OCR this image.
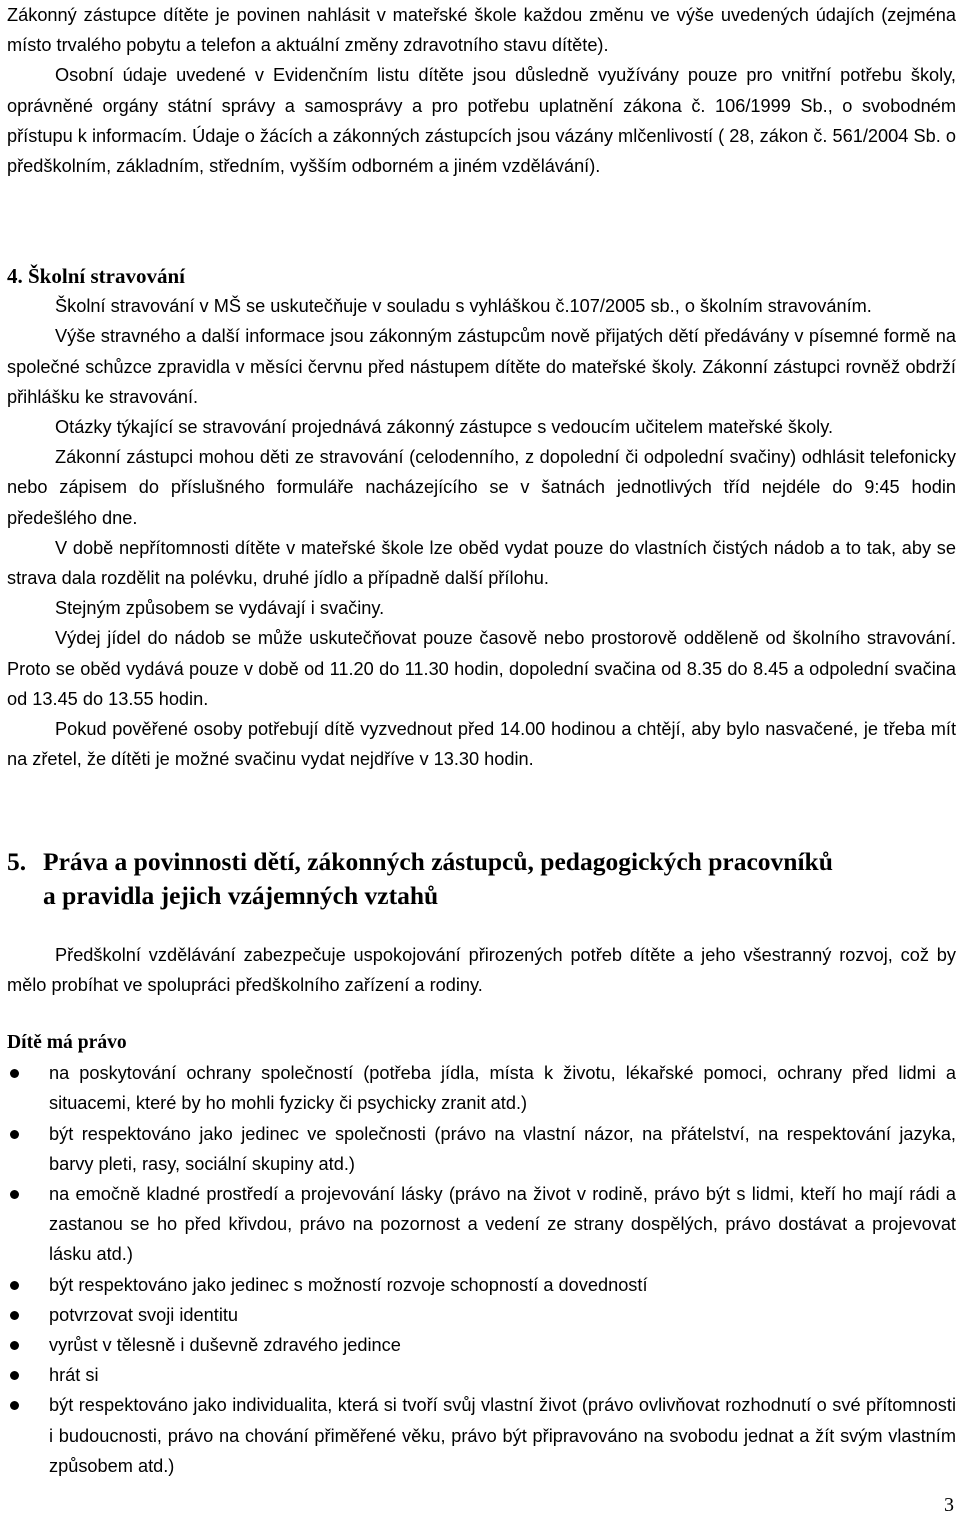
Zákonný zástupce dítěte je povinen nahlásit v mateřské škole každou změnu ve výše uvedených údajích (zejména místo trvalého pobytu a telefon a aktuální změny zdravotního stavu dítěte).

Osobní údaje uvedené v Evidenčním listu dítěte jsou důsledně využívány pouze pro vnitřní potřebu školy, oprávněné orgány státní správy a samosprávy a pro potřebu uplatnění zákona č. 106/1999 Sb., o svobodném přístupu k informacím. Údaje o žácích a zákonných zástupcích jsou vázány mlčenlivostí ( 28, zákon č. 561/2004 Sb. o předškolním, základním, středním, vyšším odborném a jiném vzdělávání).

4. Školní stravování

Školní stravování v MŠ se uskutečňuje v souladu s vyhláškou č.107/2005 sb., o školním stravováním.

Výše stravného a další informace jsou zákonným zástupcům nově přijatých dětí předávány v písemné formě na společné schůzce zpravidla v měsíci červnu před nástupem dítěte do mateřské školy. Zákonní zástupci rovněž obdrží přihlášku ke stravování.

Otázky týkající se stravování projednává zákonný zástupce s vedoucím učitelem mateřské školy.

Zákonní zástupci mohou děti ze stravování (celodenního, z dopolední či odpolední svačiny) odhlásit telefonicky nebo zápisem do příslušného formuláře nacházejícího se v šatnách jednotlivých tříd nejdéle do 9:45 hodin předešlého dne.

V době nepřítomnosti dítěte v mateřské škole lze oběd vydat pouze do vlastních čistých nádob a to tak, aby se strava dala rozdělit na polévku, druhé jídlo a případně další přílohu.

Stejným způsobem se vydávají i svačiny.

Výdej jídel do nádob se může uskutečňovat pouze časově nebo prostorově odděleně od školního stravování. Proto se oběd vydává pouze v době od 11.20 do 11.30 hodin, dopolední svačina od 8.35 do 8.45 a odpolední svačina od 13.45 do 13.55 hodin.

Pokud pověřené osoby potřebují dítě vyzvednout před 14.00 hodinou a chtějí, aby bylo nasvačené, je třeba mít na zřetel, že dítěti je možné svačinu vydat nejdříve v 13.30 hodin.

5. Práva a povinnosti dětí, zákonných zástupců, pedagogických pracovníků
a pravidla jejich vzájemných vztahů

Předškolní vzdělávání zabezpečuje uspokojování přirozených potřeb dítěte a jeho všestranný rozvoj, což by mělo probíhat ve spolupráci předškolního zařízení a rodiny.

Dítě má právo

na poskytování ochrany společností (potřeba jídla, místa k životu, lékařské pomoci, ochrany před lidmi a situacemi, které by ho mohli fyzicky či psychicky zranit atd.)
být respektováno jako jedinec ve společnosti (právo na vlastní názor, na přátelství, na respektování jazyka, barvy pleti, rasy, sociální skupiny atd.)
na emočně kladné prostředí a projevování lásky (právo na život v rodině, právo být s lidmi, kteří ho mají rádi a zastanou se ho před křivdou, právo na pozornost a vedení ze strany dospělých, právo dostávat a projevovat lásku atd.)
být respektováno jako jedinec s možností rozvoje schopností a dovedností
potvrzovat svoji identitu
vyrůst v tělesně i duševně zdravého jedince
hrát si
být respektováno jako individualita, která si tvoří svůj vlastní život (právo ovlivňovat rozhodnutí o své přítomnosti i budoucnosti, právo na chování přiměřené věku, právo být připravováno na svobodu jednat a žít svým vlastním způsobem atd.)
3
